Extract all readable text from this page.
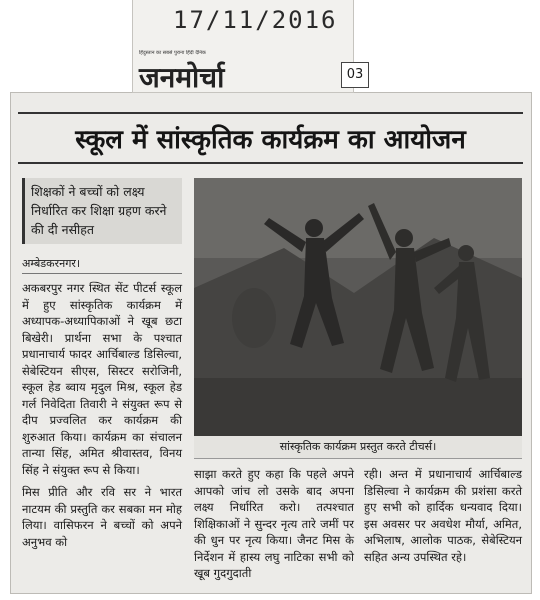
17/11/2016
हिंदुस्तान का सबसे पुराना हिंदी दैनिक
जनमोर्चा	03
स्कूल में सांस्कृतिक कार्यक्रम का आयोजन
शिक्षकों ने बच्चों को लक्ष्य निर्धारित कर शिक्षा ग्रहण करने की दी नसीहत
अम्बेडकरनगर।

अकबरपुर नगर स्थित सेंट पीटर्स स्कूल में हुए सांस्कृतिक कार्यक्रम में अध्यापक-अध्यापिकाओं ने खूब छटा बिखेरी। प्रार्थना सभा के पश्चात प्रधानाचार्य फादर आर्चिबाल्ड डिसिल्वा, सेबेस्टियन सीएस, सिस्टर सरोजिनी, स्कूल हेड ब्वाय मृदुल मिश्र, स्कूल हेड गर्ल निवेदिता तिवारी ने संयुक्त रूप से दीप प्रज्वलित कर कार्यक्रम की शुरुआत किया। कार्यक्रम का संचालन तान्या सिंह, अमित श्रीवास्तव, विनय सिंह ने संयुक्त रूप से किया।

मिस प्रीति और रवि सर ने भारत नाटयम की प्रस्तुति कर सबका मन मोह लिया। वासिफरन ने बच्चों को अपने अनुभव को

सांस्कृतिक कार्यक्रम प्रस्तुत करते टीचर्स।
साझा करते हुए कहा कि पहले अपने आपको जांच लो उसके बाद अपना लक्ष्य निर्धारित करो। तत्पश्चात शिक्षिकाओं ने सुन्दर नृत्य तारे जमीं पर की धुन पर नृत्य किया। जैनट मिस के निर्देशन में हास्य लघु नाटिका सभी को खूब गुदगुदाती
रही। अन्त में प्रधानाचार्य आर्चिबाल्ड डिसिल्वा ने कार्यक्रम की प्रशंसा करते हुए सभी को हार्दिक धन्यवाद दिया। इस अवसर पर अवधेश मौर्या, अमित, अभिलाष, आलोक पाठक, सेबेस्टियन सहित अन्य उपस्थित रहे।
